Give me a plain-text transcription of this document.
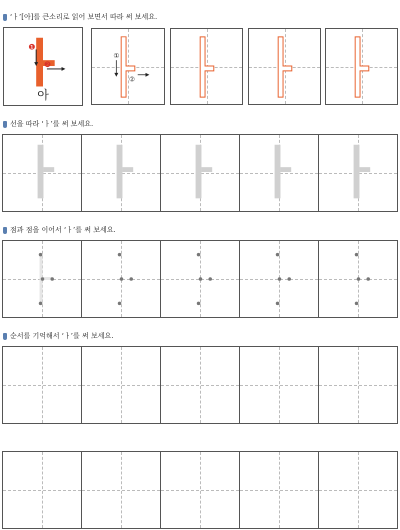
‘ㅏ’[아]를 큰소리로 읽어 보면서 따라 써 보세요.
❶
❷
아
①
②
선을 따라 ‘ㅏ’를 써 보세요.
점과 점을 이어서 ‘ㅏ’를 써 보세요.
순서를 기억해서 ‘ㅏ’를 써 보세요.
